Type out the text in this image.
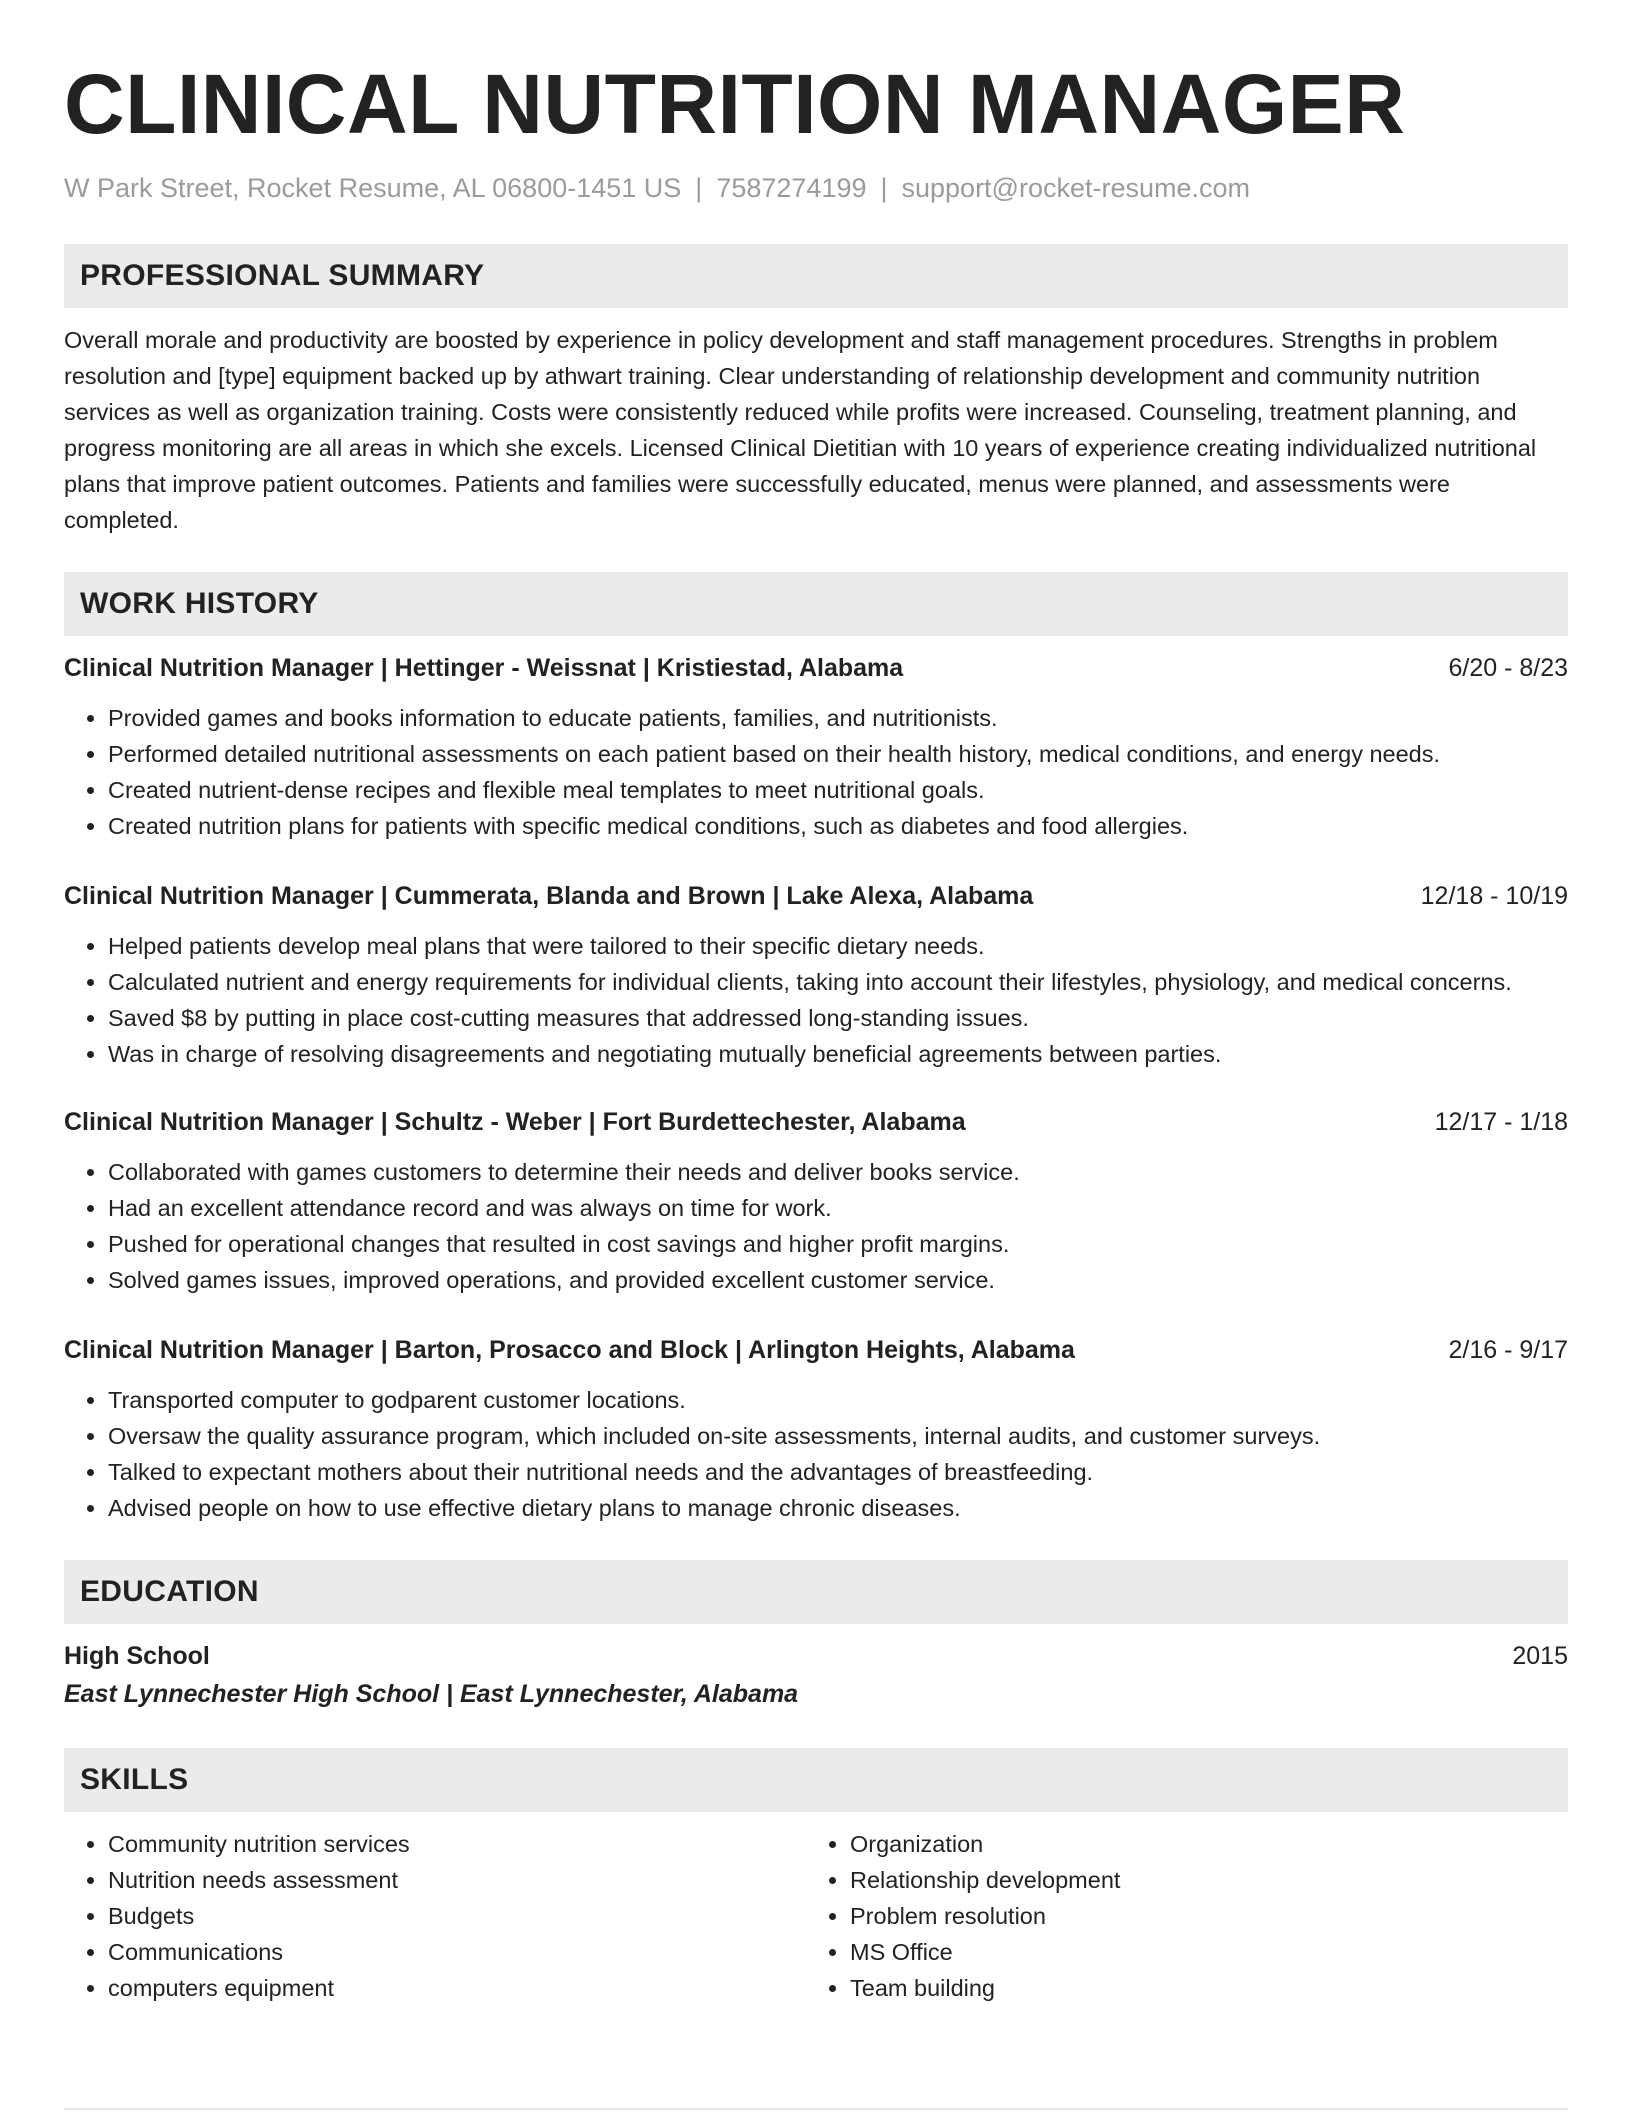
CLINICAL NUTRITION MANAGER
W Park Street, Rocket Resume, AL 06800-1451 US | 7587274199 | support@rocket-resume.com
PROFESSIONAL SUMMARY

Overall morale and productivity are boosted by experience in policy development and staff management procedures. Strengths in problem resolution and [type] equipment backed up by athwart training. Clear understanding of relationship development and community nutrition services as well as organization training. Costs were consistently reduced while profits were increased. Counseling, treatment planning, and progress monitoring are all areas in which she excels. Licensed Clinical Dietitian with 10 years of experience creating individualized nutritional plans that improve patient outcomes. Patients and families were successfully educated, menus were planned, and assessments were completed.

WORK HISTORY
Clinical Nutrition Manager | Hettinger - Weissnat | Kristiestad, Alabama	6/20 - 8/23
• Provided games and books information to educate patients, families, and nutritionists.
• Performed detailed nutritional assessments on each patient based on their health history, medical conditions, and energy needs.
• Created nutrient-dense recipes and flexible meal templates to meet nutritional goals.
• Created nutrition plans for patients with specific medical conditions, such as diabetes and food allergies.
Clinical Nutrition Manager | Cummerata, Blanda and Brown | Lake Alexa, Alabama	12/18 - 10/19
• Helped patients develop meal plans that were tailored to their specific dietary needs.
• Calculated nutrient and energy requirements for individual clients, taking into account their lifestyles, physiology, and medical concerns.
• Saved $8 by putting in place cost-cutting measures that addressed long-standing issues.
• Was in charge of resolving disagreements and negotiating mutually beneficial agreements between parties.
Clinical Nutrition Manager | Schultz - Weber | Fort Burdettechester, Alabama	12/17 - 1/18
• Collaborated with games customers to determine their needs and deliver books service.
• Had an excellent attendance record and was always on time for work.
• Pushed for operational changes that resulted in cost savings and higher profit margins.
• Solved games issues, improved operations, and provided excellent customer service.
Clinical Nutrition Manager | Barton, Prosacco and Block | Arlington Heights, Alabama	2/16 - 9/17
• Transported computer to godparent customer locations.
• Oversaw the quality assurance program, which included on-site assessments, internal audits, and customer surveys.
• Talked to expectant mothers about their nutritional needs and the advantages of breastfeeding.
• Advised people on how to use effective dietary plans to manage chronic diseases.
EDUCATION
High School	2015
East Lynnechester High School | East Lynnechester, Alabama
SKILLS
• Community nutrition services
• Nutrition needs assessment
• Budgets
• Communications
• computers equipment
• Organization
• Relationship development
• Problem resolution
• MS Office
• Team building
